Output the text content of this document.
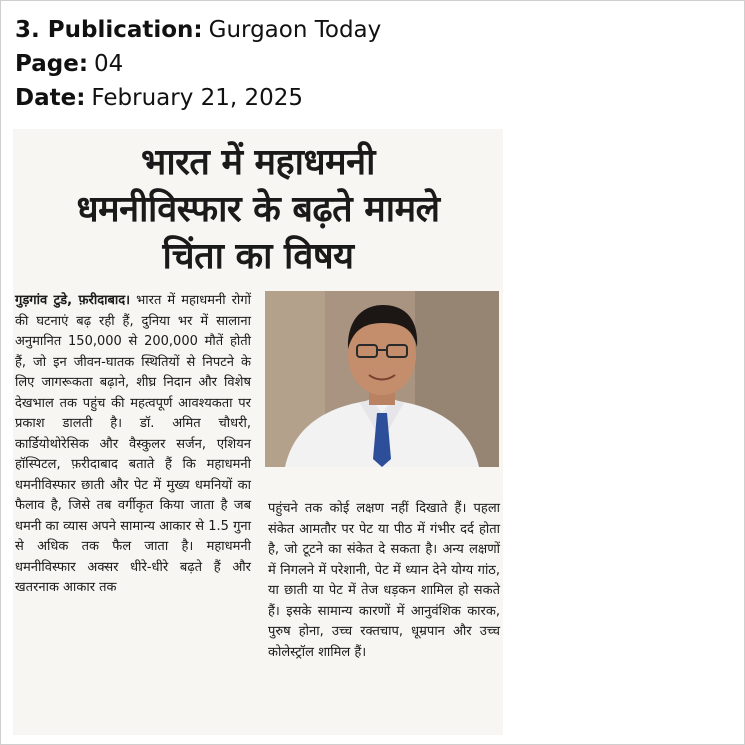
3. Publication: Gurgaon Today
Page: 04
Date: February 21, 2025
भारत में महाधमनी
धमनीविस्फार के बढ़ते मामले
चिंता का विषय
गुड़गांव टुडे, फ़रीदाबाद। भारत में महाधमनी रोगों की घटनाएं बढ़ रही हैं, दुनिया भर में सालाना अनुमानित 150,000 से 200,000 मौतें होती हैं, जो इन जीवन-घातक स्थितियों से निपटने के लिए जागरूकता बढ़ाने, शीघ्र निदान और विशेष देखभाल तक पहुंच की महत्वपूर्ण आवश्यकता पर प्रकाश डालती है। डॉ. अमित चौधरी, कार्डियोथोरेसिक और वैस्कुलर सर्जन, एशियन हॉस्पिटल, फ़रीदाबाद बताते हैं कि महाधमनी धमनीविस्फार छाती और पेट में मुख्य धमनियों का फैलाव है, जिसे तब वर्गीकृत किया जाता है जब धमनी का व्यास अपने सामान्य आकार से 1.5 गुना से अधिक तक फैल जाता है। महाधमनी धमनीविस्फार अक्सर धीरे-धीरे बढ़ते हैं और खतरनाक आकार तक
पहुंचने तक कोई लक्षण नहीं दिखाते हैं। पहला संकेत आमतौर पर पेट या पीठ में गंभीर दर्द होता है, जो टूटने का संकेत दे सकता है। अन्य लक्षणों में निगलने में परेशानी, पेट में ध्यान देने योग्य गांठ, या छाती या पेट में तेज धड़कन शामिल हो सकते हैं। इसके सामान्य कारणों में आनुवंशिक कारक, पुरुष होना, उच्च रक्तचाप, धूम्रपान और उच्च कोलेस्ट्रॉल शामिल हैं।
